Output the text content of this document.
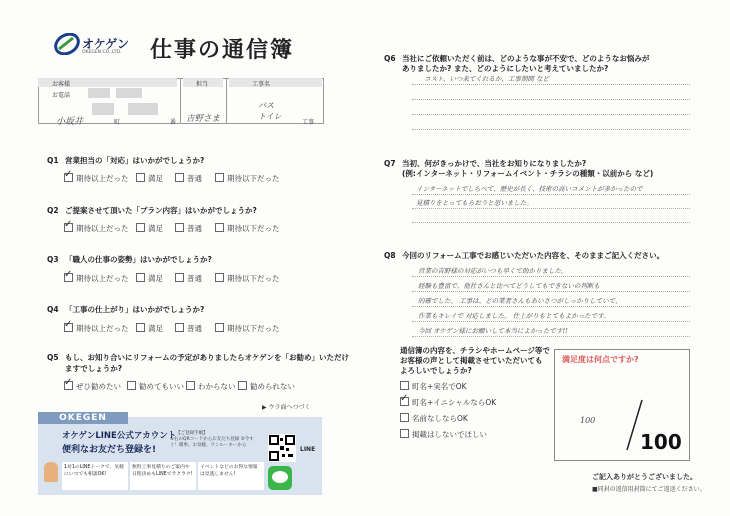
オケゲン
OKEGEN CO.,LTD. 仕事の通信簿
お客様
お電話
小坂井	町	番
担当
吉野さま
工事名
バス
トイレ
工事
Q1 営業担当の「対応」はいかがでしょうか?
✓期待以上だった	満足	普通	期待以下だった
Q2 ご提案させて頂いた「プラン内容」はいかがでしょうか?
✓期待以上だった	満足	普通	期待以下だった
Q3 「職人の仕事の姿勢」はいかがでしょうか?
✓期待以上だった	満足	普通	期待以下だった
Q4 「工事の仕上がり」はいかがでしょうか?
✓期待以上だった	満足	普通	期待以下だった
Q5 もし、お知り合いにリフォームの予定がありましたらオケゲンを「お勧め」いただけ
ますでしょうか?
✓ぜひ勧めたい	勧めてもいい	わからない	勧められない
▶ ウラ面へつづく
OKEGEN
オケゲンLINE公式アカウント
便利なお友だち登録を!
【ご登録手順】
①右のQRコードからお友だち登録 ②今すぐ！簡単、お気軽、ワンルーキーから
1対1のLINEトークで、気軽にいつでも相談OK!
無料工事見積りのご案内や日程決めもLINEでラクラク!
イベントなどのお得な情報は見逃しません!
LINE
Q6 当社にご依頼いただく前は、どのような事が不安で、どのようなお悩みが
ありましたか? また、どのようにしたいと考えていましたか?
コスト、いつ来てくれるか、工事期間 など
Q7 当初、何がきっかけで、当社をお知りになりましたか?
(例:インターネット・リフォームイベント・チラシの種類・以前から など)
インターネットでしらべて、歴史が長く、技術の高いコメントが多かったので
見積りをとってもらおうと思いました。
Q8 今回のリフォーム工事でお感じいただいた内容を、そのままご記入ください。
営業の吉野様の対応がいつも早くて助かりました。
経験も豊富で、他社さんと比べてどうしてもできないの判断も
的確でした。 工事は、どの業者さんもあいさつがしっかりしていて、
作業もキレイで 対応しました。 仕上がりもとてもよかったです。
今回 オケゲン様にお願いして本当によかったです!!
通信簿の内容を、チラシやホームページ等で
お客様の声として掲載させていただいても
よろしいでしょうか?
町名+実名でOK
✓町名+イニシャルならOK
名前なしならOK
掲載はしないでほしい
満足度は何点ですか?
100
100
ご記入ありがとうございました。
■同封の返信用封筒にてご返送ください。
